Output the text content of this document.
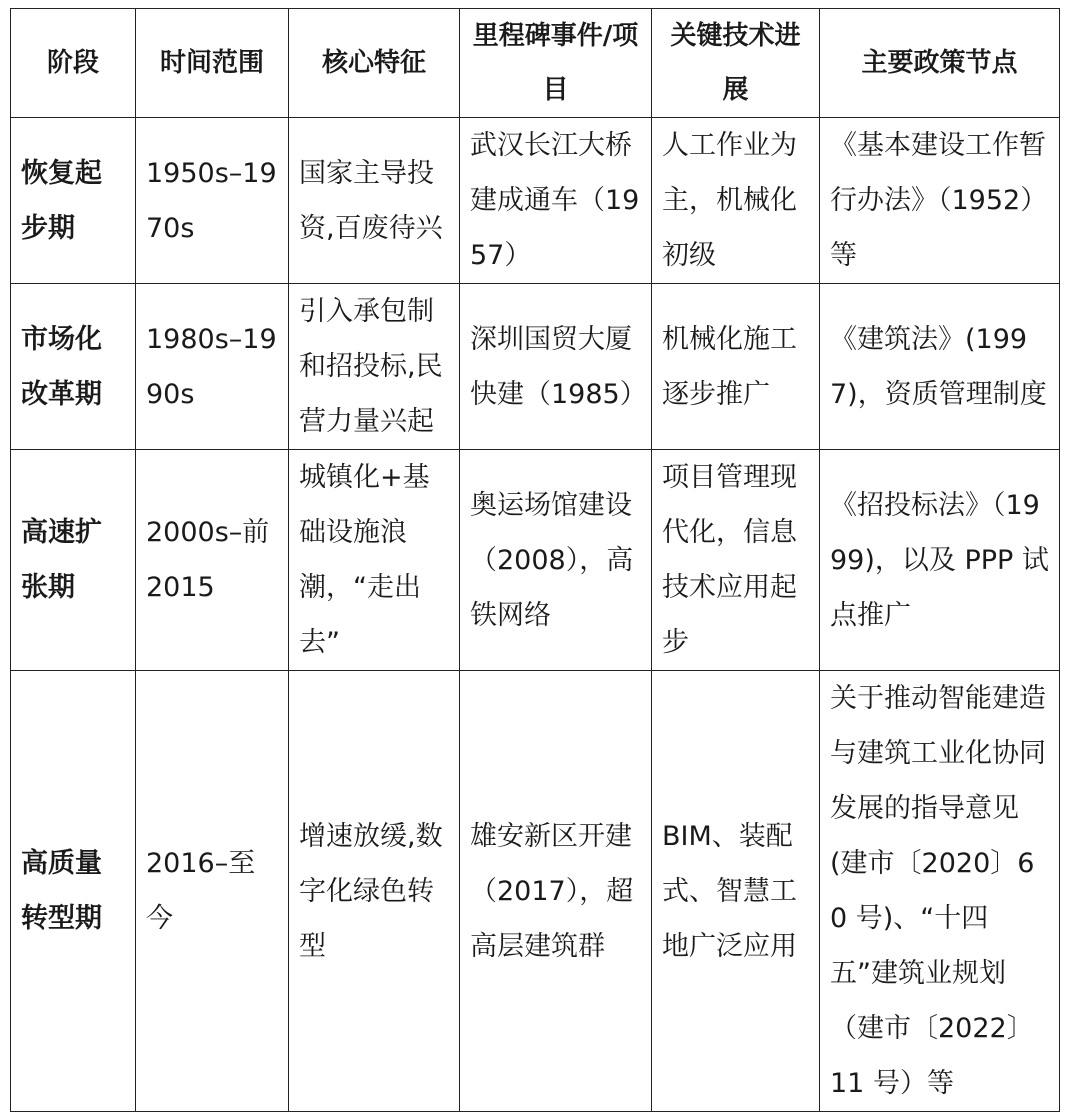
阶段	时间范围	核心特征	里程碑事件/项目	关键技术进展	主要政策节点
恢复起步期	1950s–1970s	国家主导投资,百废待兴	武汉长江大桥建成通车（1957）	人工作业为主，机械化初级	《基本建设工作暂行办法》（1952）等
市场化改革期	1980s–1990s	引入承包制和招投标,民营力量兴起	深圳国贸大厦快建（1985）	机械化施工逐步推广	《建筑法》(1997)，资质管理制度
高速扩张期	2000s–前2015	城镇化+基础设施浪潮，“走出去”	奥运场馆建设（2008），高铁网络	项目管理现代化，信息技术应用起步	《招投标法》（1999)，以及 PPP 试点推广
高质量转型期	2016–至今	增速放缓,数字化绿色转型	雄安新区开建（2017），超高层建筑群	BIM、装配式、智慧工地广泛应用	关于推动智能建造与建筑工业化协同发展的指导意见(建市〔2020〕60 号)、“十四五”建筑业规划（建市〔2022〕11 号）等
